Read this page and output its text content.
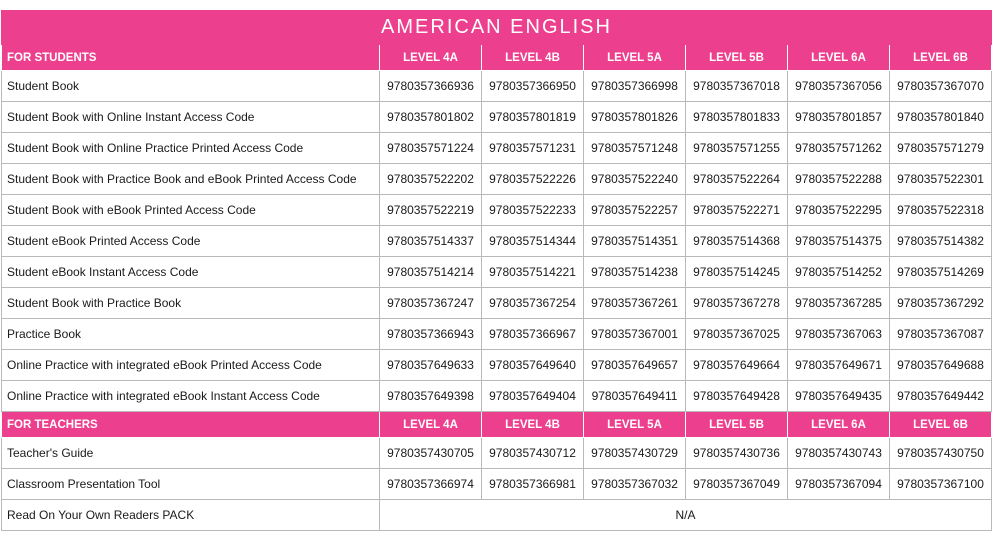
AMERICAN ENGLISH						
FOR STUDENTS	LEVEL 4A	LEVEL 4B	LEVEL 5A	LEVEL 5B	LEVEL 6A	LEVEL 6B
Student Book	9780357366936	9780357366950	9780357366998	9780357367018	9780357367056	9780357367070
Student Book with Online Instant Access Code	9780357801802	9780357801819	9780357801826	9780357801833	9780357801857	9780357801840
Student Book with Online Practice Printed Access Code	9780357571224	9780357571231	9780357571248	9780357571255	9780357571262	9780357571279
Student Book with Practice Book and eBook Printed Access Code	9780357522202	9780357522226	9780357522240	9780357522264	9780357522288	9780357522301
Student Book with eBook Printed Access Code	9780357522219	9780357522233	9780357522257	9780357522271	9780357522295	9780357522318
Student eBook Printed Access Code	9780357514337	9780357514344	9780357514351	9780357514368	9780357514375	9780357514382
Student eBook Instant Access Code	9780357514214	9780357514221	9780357514238	9780357514245	9780357514252	9780357514269
Student Book with Practice Book	9780357367247	9780357367254	9780357367261	9780357367278	9780357367285	9780357367292
Practice Book	9780357366943	9780357366967	9780357367001	9780357367025	9780357367063	9780357367087
Online Practice with integrated eBook Printed Access Code	9780357649633	9780357649640	9780357649657	9780357649664	9780357649671	9780357649688
Online Practice with integrated eBook Instant Access Code	9780357649398	9780357649404	9780357649411	9780357649428	9780357649435	9780357649442
FOR TEACHERS	LEVEL 4A	LEVEL 4B	LEVEL 5A	LEVEL 5B	LEVEL 6A	LEVEL 6B
Teacher's Guide	9780357430705	9780357430712	9780357430729	9780357430736	9780357430743	9780357430750
Classroom Presentation Tool	9780357366974	9780357366981	9780357367032	9780357367049	9780357367094	9780357367100
Read On Your Own Readers PACK	N/A					
